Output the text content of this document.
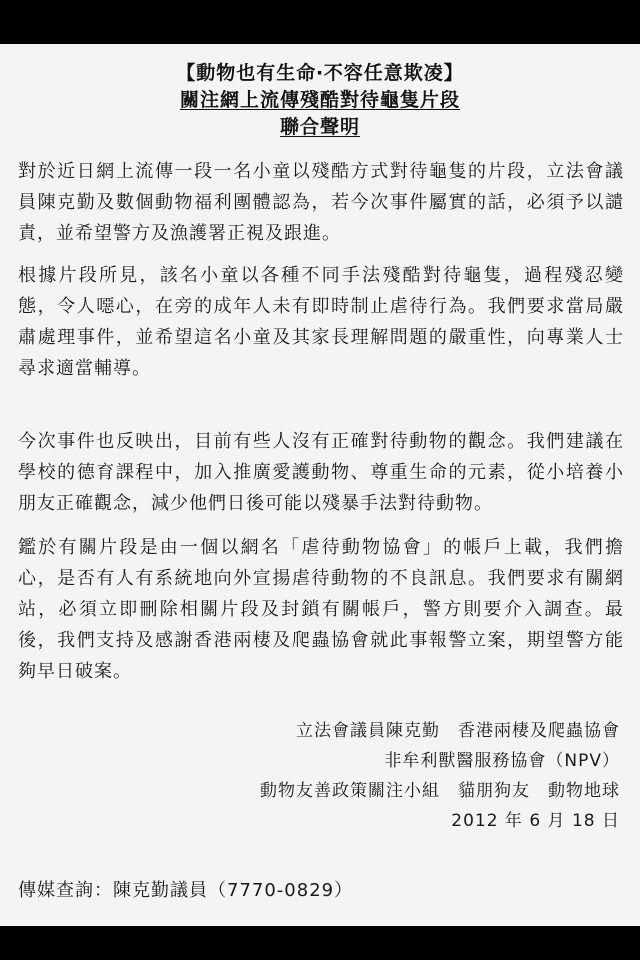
【動物也有生命‧不容任意欺凌】
關注網上流傳殘酷對待龜隻片段
聯合聲明
對於近日網上流傳一段一名小童以殘酷方式對待龜隻的片段，立法會議員陳克勤及數個動物福利團體認為，若今次事件屬實的話，必須予以譴責，並希望警方及漁護署正視及跟進。
根據片段所見，該名小童以各種不同手法殘酷對待龜隻，過程殘忍變態，令人噁心，在旁的成年人未有即時制止虐待行為。我們要求當局嚴肅處理事件，並希望這名小童及其家長理解問題的嚴重性，向專業人士尋求適當輔導。
今次事件也反映出，目前有些人沒有正確對待動物的觀念。我們建議在學校的德育課程中，加入推廣愛護動物、尊重生命的元素，從小培養小朋友正確觀念，減少他們日後可能以殘暴手法對待動物。
鑑於有關片段是由一個以網名「虐待動物協會」的帳戶上載，我們擔心，是否有人有系統地向外宣揚虐待動物的不良訊息。我們要求有關網站，必須立即刪除相關片段及封鎖有關帳戶，警方則要介入調查。最後，我們支持及感謝香港兩棲及爬蟲協會就此事報警立案，期望警方能夠早日破案。
立法會議員陳克勤　香港兩棲及爬蟲協會
非牟利獸醫服務協會（NPV）
動物友善政策關注小組　貓朋狗友　動物地球
2012 年 6 月 18 日
傳媒查詢：陳克勤議員（7770-0829）
